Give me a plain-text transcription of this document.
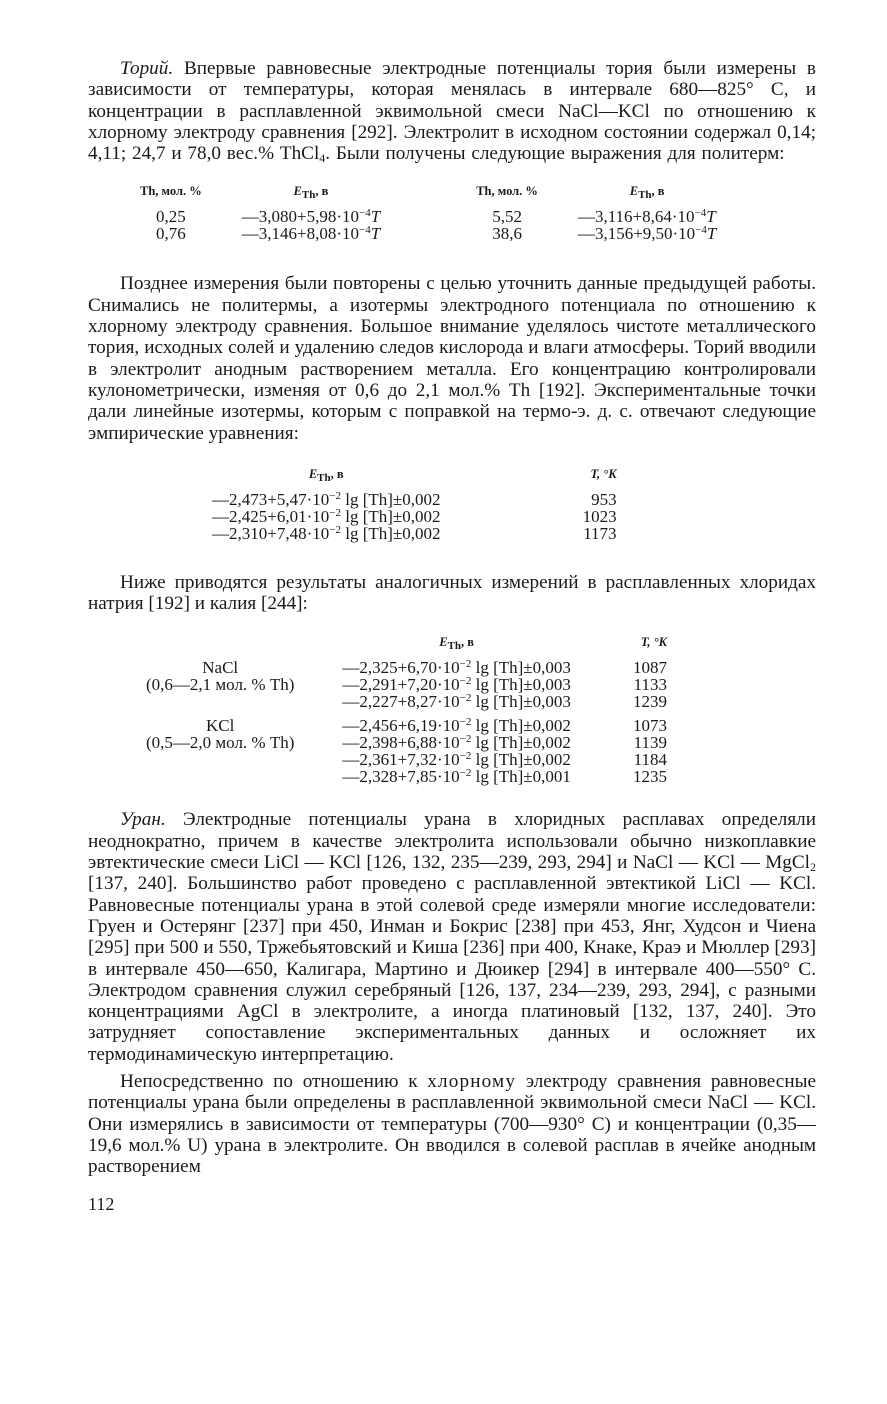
Торий. Впервые равновесные электродные потенциалы тория были измерены в зависимости от температуры, которая менялась в интервале 680—825° С, и концентрации в расплавленной эквимольной смеси NaCl—KCl по отношению к хлорному электроду сравнения [292]. Электролит в исходном состоянии содержал 0,14; 4,11; 24,7 и 78,0 вес.% ThCl$_4$. Были получены следующие выражения для политерм:

Th, мол. %	$E_{Th}$, в	Th, мол. %	$E_{Th}$, в
0,25	$—3,080+5,98\cdot 10^{-4}T$	5,52	$—3,116+8,64\cdot 10^{-4}T$
0,76	$—3,146+8,08\cdot 10^{-4}T$	38,6	$—3,156+9,50\cdot 10^{-4}T$

Позднее измерения были повторены с целью уточнить данные предыдущей работы. Снимались не политермы, а изотермы электродного потенциала по отношению к хлорному электроду сравнения. Большое внимание уделялось чистоте металлического тория, исходных солей и удалению следов кислорода и влаги атмосферы. Торий вводили в электролит анодным растворением металла. Его концентрацию контролировали кулонометрически, изменяя от 0,6 до 2,1 мол.% Th [192]. Экспериментальные точки дали линейные изотермы, которым с поправкой на термо-э. д. с. отвечают следующие эмпирические уравнения:

$E_{Th}$, в	T, °K
$—2,473+5,47\cdot 10^{-2}$ lg [Th]±0,002	953
$—2,425+6,01\cdot 10^{-2}$ lg [Th]±0,002	1023
$—2,310+7,48\cdot 10^{-2}$ lg [Th]±0,002	1173

Ниже приводятся результаты аналогичных измерений в расплавленных хлоридах натрия [192] и калия [244]:

	$E_{Th}$, в	T, °K
NaCl	$—2,325+6,70\cdot 10^{-2}$ lg [Th]±0,003	1087
(0,6—2,1 мол. % Th)	$—2,291+7,20\cdot 10^{-2}$ lg [Th]±0,003	1133
	$—2,227+8,27\cdot 10^{-2}$ lg [Th]±0,003	1239
KCl	$—2,456+6,19\cdot 10^{-2}$ lg [Th]±0,002	1073
(0,5—2,0 мол. % Th)	$—2,398+6,88\cdot 10^{-2}$ lg [Th]±0,002	1139
	$—2,361+7,32\cdot 10^{-2}$ lg [Th]±0,002	1184
	$—2,328+7,85\cdot 10^{-2}$ lg [Th]±0,001	1235

Уран. Электродные потенциалы урана в хлоридных расплавах определяли неоднократно, причем в качестве электролита использовали обычно низкоплавкие эвтектические смеси LiCl — KCl [126, 132, 235—239, 293, 294] и NaCl — KCl — MgCl$_2$ [137, 240]. Большинство работ проведено с расплавленной эвтектикой LiCl — KCl. Равновесные потенциалы урана в этой солевой среде измеряли многие исследователи: Груен и Остерянг [237] при 450, Инман и Бокрис [238] при 453, Янг, Худсон и Чиена [295] при 500 и 550, Тржебьятовский и Киша [236] при 400, Кнаке, Краэ и Мюллер [293] в интервале 450—650, Калигара, Мартино и Дюикер [294] в интервале 400—550° С. Электродом сравнения служил серебряный [126, 137, 234—239, 293, 294], с разными концентрациями AgCl в электролите, а иногда платиновый [132, 137, 240]. Это затрудняет сопоставление экспериментальных данных и осложняет их термодинамическую интерпретацию.

Непосредственно по отношению к хлорному электроду сравнения равновесные потенциалы урана были определены в расплавленной эквимольной смеси NaCl — KCl. Они измерялись в зависимости от температуры (700—930° С) и концентрации (0,35—19,6 мол.% U) урана в электролите. Он вводился в солевой расплав в ячейке анодным растворением

112
